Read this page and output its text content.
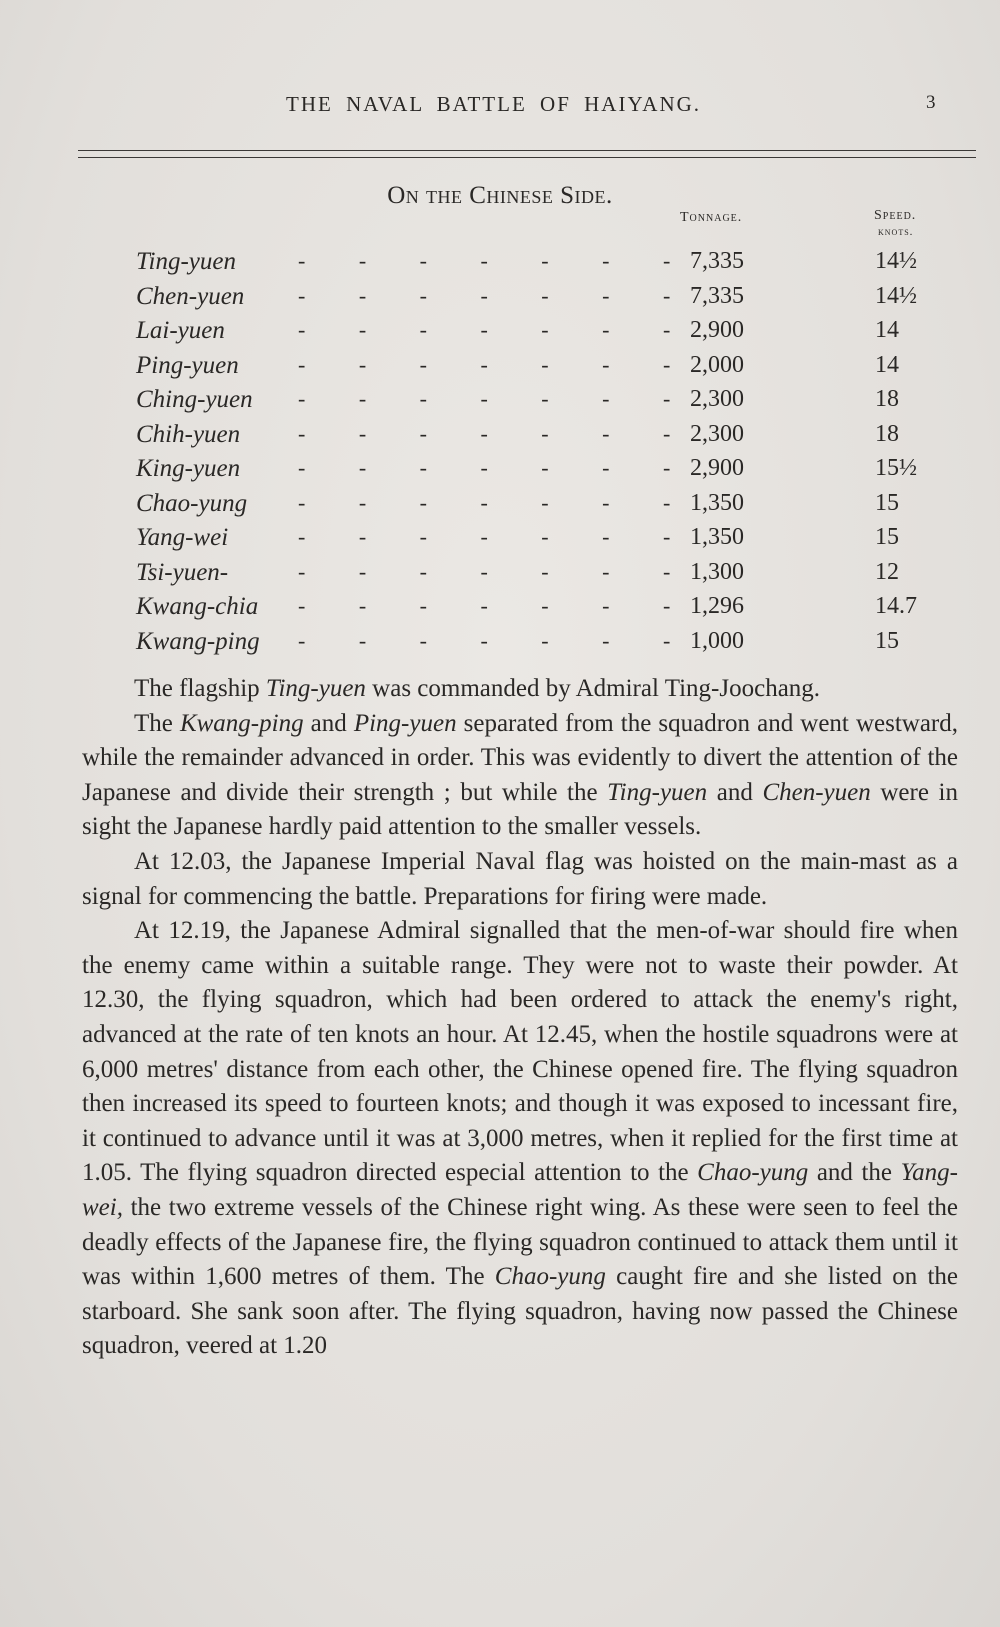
THE NAVAL BATTLE OF HAIYANG.	3
On the Chinese Side.
Tonnage.	Speed.
knots.
Ting-yuen	- - - - - - - 7,335	14½
Chen-yuen - - - - - - - 7,335	14½
Lai-yuen	- - - - - - - 2,900	14
Ping-yuen	- - - - - - - 2,000	14
Ching-yuen - - - - - - - 2,300	18
Chih-yuen	- - - - - - - 2,300	18
King-yuen	- - - - - - - 2,900	15½
Chao-yung - - - - - - - 1,350	15
Yang-wei	- - - - - - - 1,350	15
Tsi-yuen-	- - - - - - - 1,300	12
Kwang-chia - - - - - - - 1,296	14.7
Kwang-ping - - - - - - - 1,000	15

The flagship Ting-yuen was commanded by Admiral Ting-Joochang.

The Kwang-ping and Ping-yuen separated from the squadron and went westward, while the remainder advanced in order. This was evidently to divert the attention of the Japanese and divide their strength ; but while the Ting-yuen and Chen-yuen were in sight the Japanese hardly paid attention to the smaller vessels.

At 12.03, the Japanese Imperial Naval flag was hoisted on the main-mast as a signal for commencing the battle. Preparations for firing were made.

At 12.19, the Japanese Admiral signalled that the men-of-war should fire when the enemy came within a suitable range. They were not to waste their powder. At 12.30, the flying squadron, which had been ordered to attack the enemy's right, advanced at the rate of ten knots an hour. At 12.45, when the hostile squadrons were at 6,000 metres' distance from each other, the Chinese opened fire. The flying squadron then increased its speed to fourteen knots; and though it was exposed to incessant fire, it continued to advance until it was at 3,000 metres, when it replied for the first time at 1.05. The flying squadron directed especial attention to the Chao-yung and the Yang-wei, the two extreme vessels of the Chinese right wing. As these were seen to feel the deadly effects of the Japanese fire, the flying squadron continued to attack them until it was within 1,600 metres of them. The Chao-yung caught fire and she listed on the starboard. She sank soon after. The flying squadron, having now passed the Chinese squadron, veered at 1.20
